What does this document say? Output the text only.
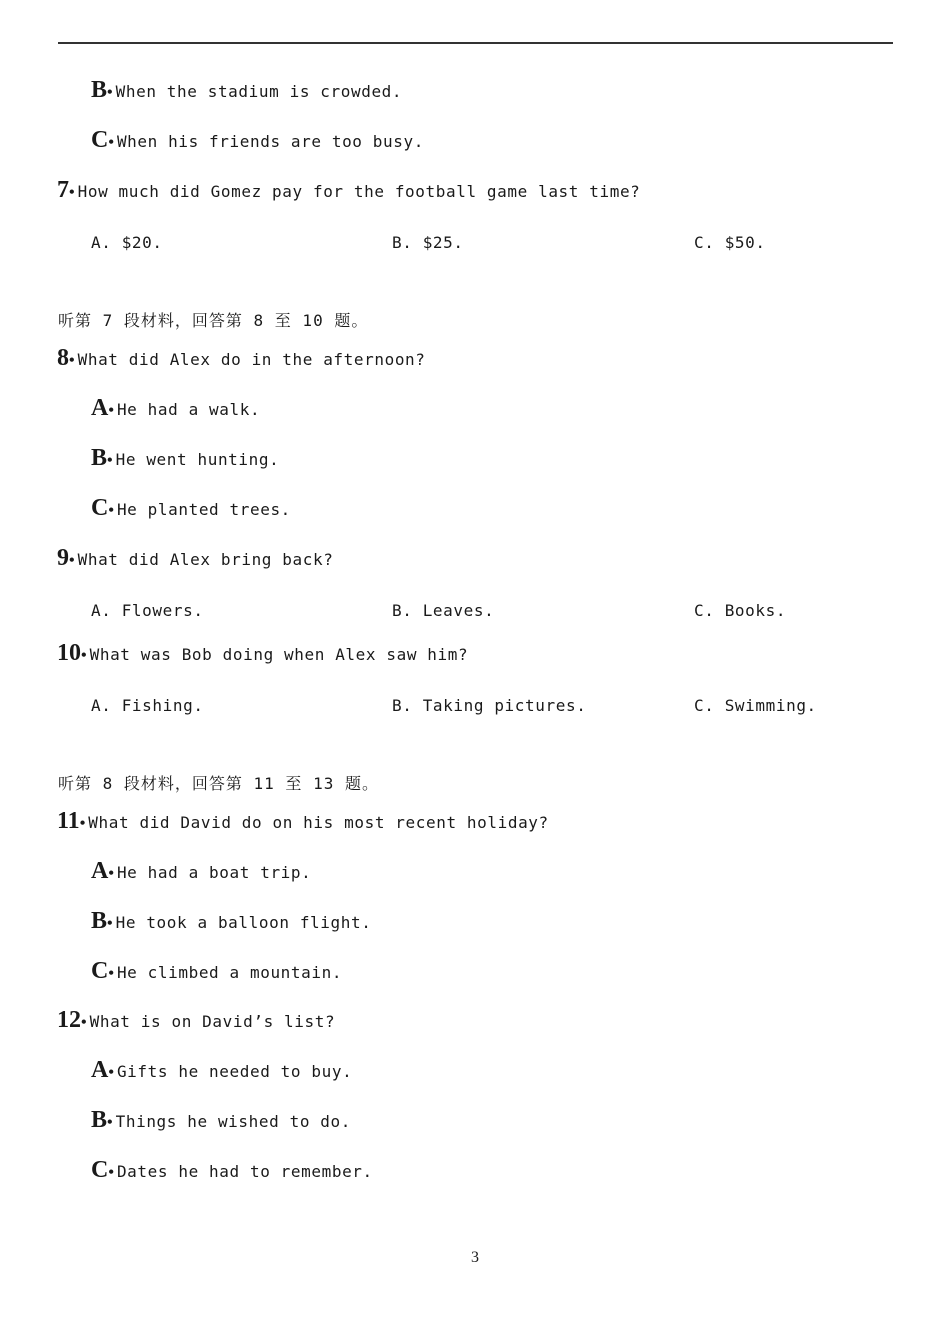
B• When the stadium is crowded.
C• When his friends are too busy.
7• How much did Gomez pay for the football game last time?
A. $20.	B. $25.	C. $50.
听第 7 段材料，回答第 8 至 10 题。
8• What did Alex do in the afternoon?
A• He had a walk.
B• He went hunting.
C• He planted trees.
9• What did Alex bring back?
A. Flowers.	B. Leaves.	C. Books.
10• What was Bob doing when Alex saw him?
A. Fishing.	B. Taking pictures.	C. Swimming.
听第 8 段材料，回答第 11 至 13 题。
11• What did David do on his most recent holiday?
A• He had a boat trip.
B• He took a balloon flight.
C• He climbed a mountain.
12• What is on David’s list?
A• Gifts he needed to buy.
B• Things he wished to do.
C• Dates he had to remember.
3
